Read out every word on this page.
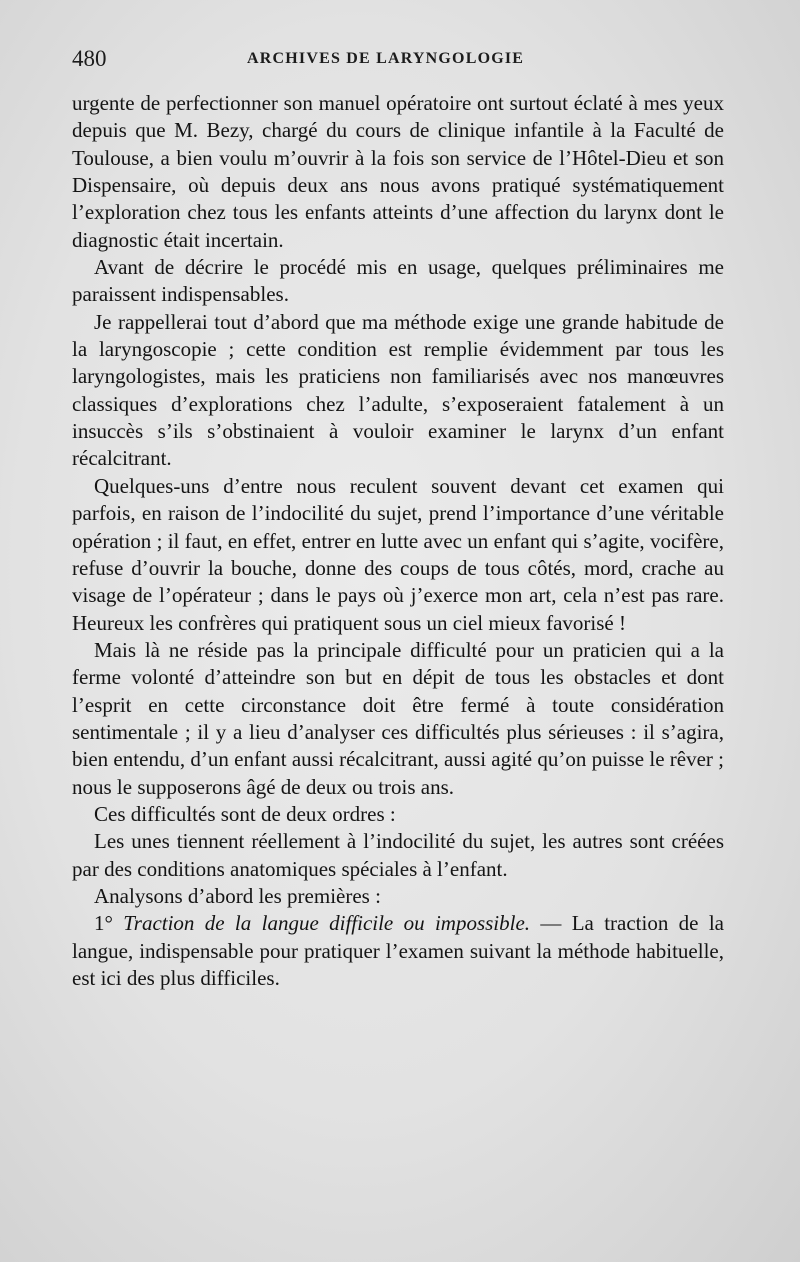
480	ARCHIVES DE LARYNGOLOGIE

urgente de perfectionner son manuel opératoire ont surtout éclaté à mes yeux depuis que M. Bezy, chargé du cours de clinique infantile à la Faculté de Toulouse, a bien voulu m’ouvrir à la fois son service de l’Hôtel-Dieu et son Dispensaire, où depuis deux ans nous avons pratiqué systématiquement l’exploration chez tous les enfants atteints d’une affection du larynx dont le diagnostic était incertain.

Avant de décrire le procédé mis en usage, quelques préliminaires me paraissent indispensables.

Je rappellerai tout d’abord que ma méthode exige une grande habitude de la laryngoscopie ; cette condition est remplie évidemment par tous les laryngologistes, mais les praticiens non familiarisés avec nos manœuvres classiques d’explorations chez l’adulte, s’exposeraient fatalement à un insuccès s’ils s’obstinaient à vouloir examiner le larynx d’un enfant récalcitrant.

Quelques-uns d’entre nous reculent souvent devant cet examen qui parfois, en raison de l’indocilité du sujet, prend l’importance d’une véritable opération ; il faut, en effet, entrer en lutte avec un enfant qui s’agite, vocifère, refuse d’ouvrir la bouche, donne des coups de tous côtés, mord, crache au visage de l’opérateur ; dans le pays où j’exerce mon art, cela n’est pas rare. Heureux les confrères qui pratiquent sous un ciel mieux favorisé !

Mais là ne réside pas la principale difficulté pour un praticien qui a la ferme volonté d’atteindre son but en dépit de tous les obstacles et dont l’esprit en cette circonstance doit être fermé à toute considération sentimentale ; il y a lieu d’analyser ces difficultés plus sérieuses : il s’agira, bien entendu, d’un enfant aussi récalcitrant, aussi agité qu’on puisse le rêver ; nous le supposerons âgé de deux ou trois ans.

Ces difficultés sont de deux ordres :

Les unes tiennent réellement à l’indocilité du sujet, les autres sont créées par des conditions anatomiques spéciales à l’enfant.

Analysons d’abord les premières :

1° Traction de la langue difficile ou impossible. — La traction de la langue, indispensable pour pratiquer l’examen suivant la méthode habituelle, est ici des plus difficiles.
